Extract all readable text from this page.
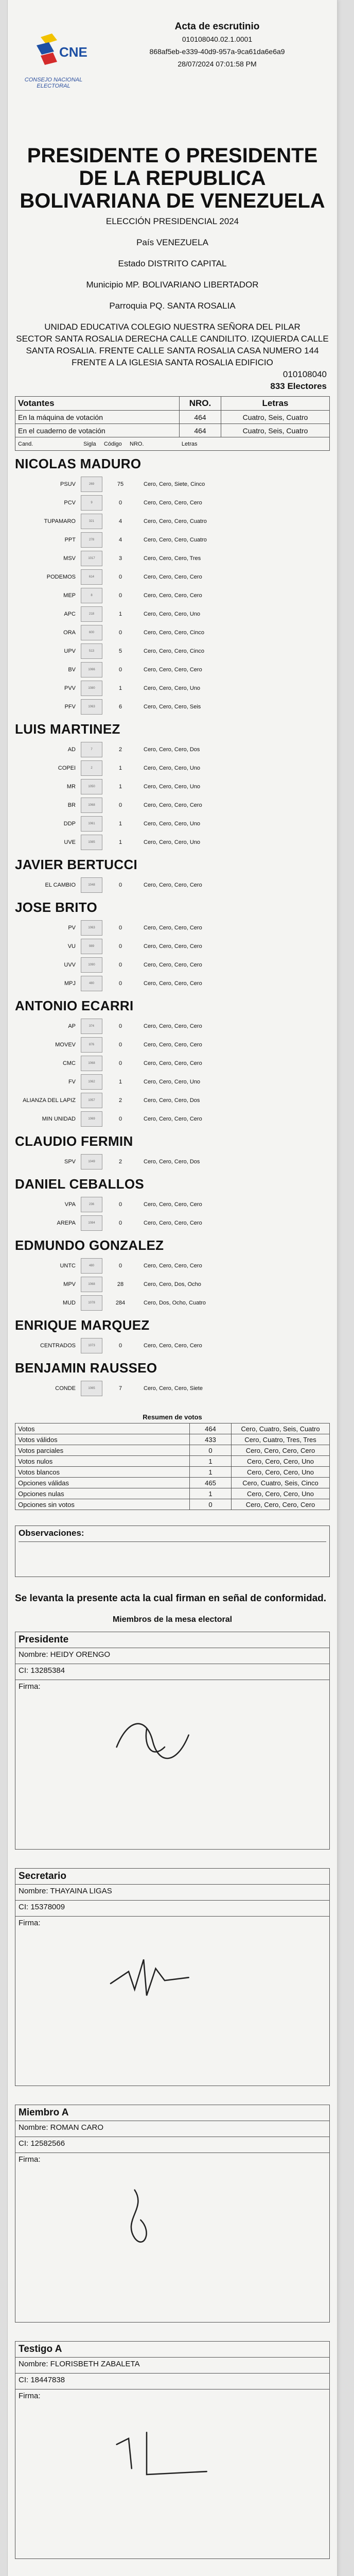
CNE
CONSEJO NACIONAL ELECTORAL
Acta de escrutinio
010108040.02.1.0001
868af5eb-e339-40d9-957a-9ca61da6e6a9
28/07/2024 07:01:58 PM
PRESIDENTE O PRESIDENTE DE LA REPUBLICA BOLIVARIANA DE VENEZUELA
ELECCIÓN PRESIDENCIAL 2024
País VENEZUELA
Estado DISTRITO CAPITAL
Municipio MP. BOLIVARIANO LIBERTADOR
Parroquia PQ. SANTA ROSALIA
UNIDAD EDUCATIVA COLEGIO NUESTRA SEÑORA DEL PILAR
SECTOR SANTA ROSALIA DERECHA CALLE CANDILITO. IZQUIERDA CALLE SANTA ROSALIA. FRENTE CALLE SANTA ROSALIA CASA NUMERO 144 FRENTE A LA IGLESIA SANTA ROSALIA EDIFICIO
010108040
833 Electores
Votantes	NRO.	Letras
En la máquina de votación	464	Cuatro, Seis, Cuatro
En el cuaderno de votación	464	Cuatro, Seis, Cuatro
Cand. Sigla Código NRO. Letras		
NICOLAS MADURO
PSUV	269	75	Cero, Cero, Siete, Cinco
PCV	9	0	Cero, Cero, Cero, Cero
TUPAMARO	321	4	Cero, Cero, Cero, Cuatro
PPT	278	4	Cero, Cero, Cero, Cuatro
MSV	1017	3	Cero, Cero, Cero, Tres
PODEMOS	614	0	Cero, Cero, Cero, Cero
MEP	8	0	Cero, Cero, Cero, Cero
APC	218	1	Cero, Cero, Cero, Uno
ORA	600	0	Cero, Cero, Cero, Cinco
UPV	513	5	Cero, Cero, Cero, Cinco
BV	1066	0	Cero, Cero, Cero, Cero
PVV	1080	1	Cero, Cero, Cero, Uno
PFV	1063	6	Cero, Cero, Cero, Seis
LUIS MARTINEZ
AD	7	2	Cero, Cero, Cero, Dos
COPEI	2	1	Cero, Cero, Cero, Uno
MR	1050	1	Cero, Cero, Cero, Uno
BR	1068	0	Cero, Cero, Cero, Cero
DDP	1061	1	Cero, Cero, Cero, Uno
UVE	1085	1	Cero, Cero, Cero, Uno
JAVIER BERTUCCI
EL CAMBIO	1048	0	Cero, Cero, Cero, Cero
JOSE BRITO
PV	1063	0	Cero, Cero, Cero, Cero
VU	989	0	Cero, Cero, Cero, Cero
UVV	1090	0	Cero, Cero, Cero, Cero
MPJ	480	0	Cero, Cero, Cero, Cero
ANTONIO ECARRI
AP	374	0	Cero, Cero, Cero, Cero
MOVEV	876	0	Cero, Cero, Cero, Cero
CMC	1068	0	Cero, Cero, Cero, Cero
FV	1062	1	Cero, Cero, Cero, Uno
ALIANZA DEL LAPIZ	1057	2	Cero, Cero, Cero, Dos
MIN UNIDAD	1069	0	Cero, Cero, Cero, Cero
CLAUDIO FERMIN
SPV	1049	2	Cero, Cero, Cero, Dos
DANIEL CEBALLOS
VPA	236	0	Cero, Cero, Cero, Cero
AREPA	1084	0	Cero, Cero, Cero, Cero
EDMUNDO GONZALEZ
UNTC	480	0	Cero, Cero, Cero, Cero
MPV	1068	28	Cero, Cero, Dos, Ocho
MUD	1078	284	Cero, Dos, Ocho, Cuatro
ENRIQUE MARQUEZ
CENTRADOS	1073	0	Cero, Cero, Cero, Cero
BENJAMIN RAUSSEO
CONDE	1065	7	Cero, Cero, Cero, Siete
Resumen de votos
Votos	464	Cero, Cuatro, Seis, Cuatro
Votos válidos	433	Cero, Cuatro, Tres, Tres
Votos parciales	0	Cero, Cero, Cero, Cero
Votos nulos	1	Cero, Cero, Cero, Uno
Votos blancos	1	Cero, Cero, Cero, Uno
Opciones válidas	465	Cero, Cuatro, Seis, Cinco
Opciones nulas	1	Cero, Cero, Cero, Uno
Opciones sin votos	0	Cero, Cero, Cero, Cero
Observaciones:
Se levanta la presente acta la cual firman en señal de conformidad.
Miembros de la mesa electoral
Presidente
Nombre: HEIDY ORENGO
CI: 13285384
Firma:
Secretario
Nombre: THAYAINA LIGAS
CI: 15378009
Firma:
Miembro A
Nombre: ROMAN CARO
CI: 12582566
Firma:
Testigo A
Nombre: FLORISBETH ZABALETA
CI: 18447838
Firma:
